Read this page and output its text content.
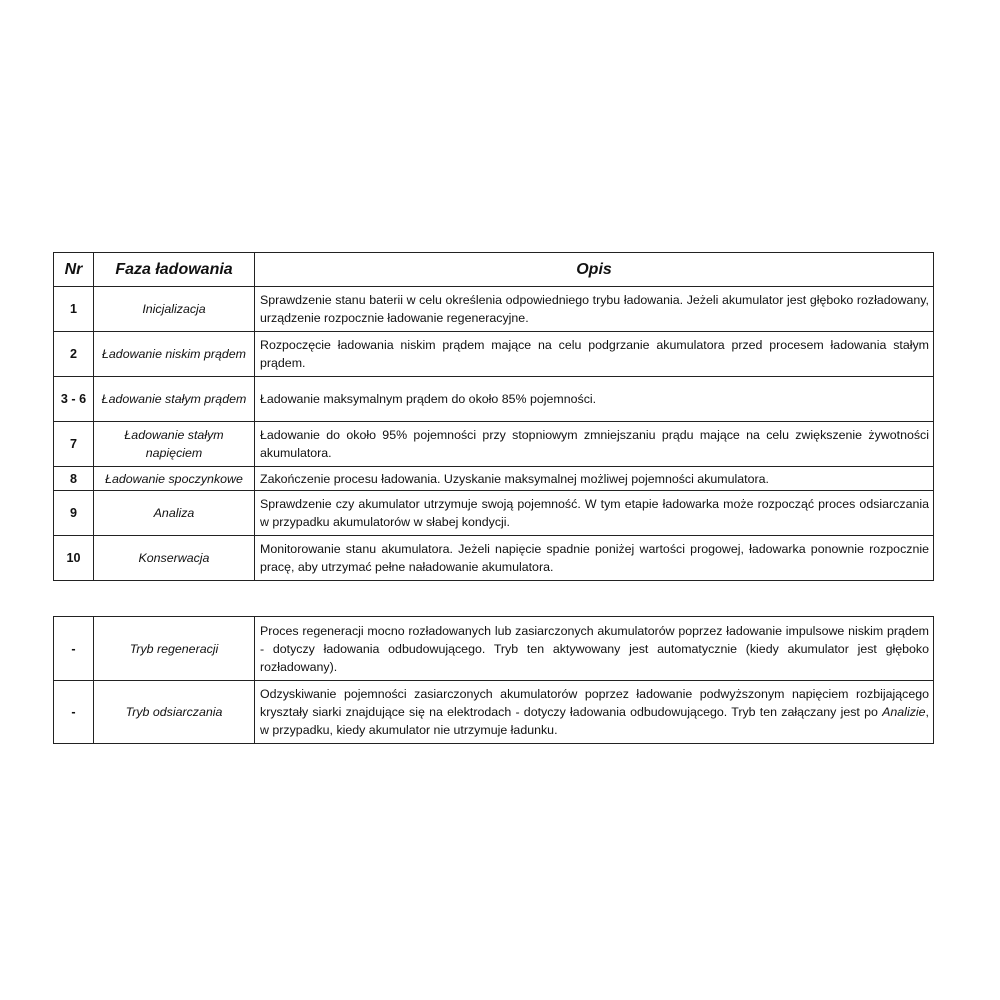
Nr	Faza ładowania	Opis
1	Inicjalizacja	Sprawdzenie stanu baterii w celu określenia odpowiedniego trybu ładowania. Jeżeli akumulator jest głęboko rozładowany, urządzenie rozpocznie ładowanie regeneracyjne.
2	Ładowanie niskim prądem	Rozpoczęcie ładowania niskim prądem mające na celu podgrzanie akumulatora przed procesem ładowania stałym prądem.
3 - 6	Ładowanie stałym prądem	Ładowanie maksymalnym prądem do około 85% pojemności.
7	Ładowanie stałym napięciem	Ładowanie do około 95% pojemności przy stopniowym zmniejszaniu prądu mające na celu zwiększenie żywotności akumulatora.
8	Ładowanie spoczynkowe	Zakończenie procesu ładowania. Uzyskanie maksymalnej możliwej pojemności akumulatora.
9	Analiza	Sprawdzenie czy akumulator utrzymuje swoją pojemność. W tym etapie ładowarka może rozpocząć proces odsiarczania w przypadku akumulatorów w słabej kondycji.
10	Konserwacja	Monitorowanie stanu akumulatora. Jeżeli napięcie spadnie poniżej wartości progowej, ładowarka ponownie rozpocznie pracę, aby utrzymać pełne naładowanie akumulatora.
-	Tryb regeneracji	Proces regeneracji mocno rozładowanych lub zasiarczonych akumulatorów poprzez ładowanie impulsowe niskim prądem - dotyczy ładowania odbudowującego. Tryb ten aktywowany jest automatycznie (kiedy akumulator jest głęboko rozładowany).
-	Tryb odsiarczania	Odzyskiwanie pojemności zasiarczonych akumulatorów poprzez ładowanie podwyższonym napięciem rozbijającego kryształy siarki znajdujące się na elektrodach - dotyczy ładowania odbudowującego. Tryb ten załączany jest po Analizie, w przypadku, kiedy akumulator nie utrzymuje ładunku.
